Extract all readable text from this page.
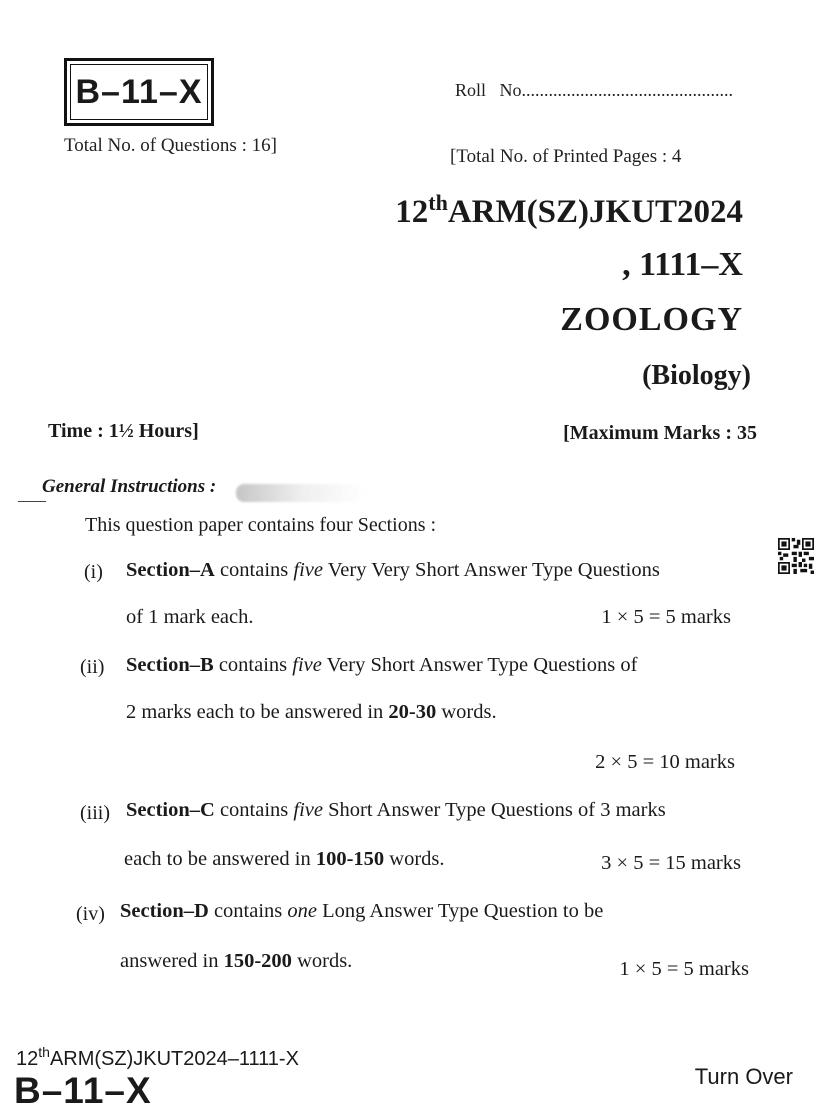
B–11–X	Roll No...............................................
Total No. of Questions : 16]
[Total No. of Printed Pages : 4
12thARM(SZ)JKUT2024
, 1111–X
ZOOLOGY
(Biology)
Time : 1½ Hours]	[Maximum Marks : 35
General Instructions :
This question paper contains four Sections :
(i) Section–A contains five Very Very Short Answer Type Questions
of 1 mark each.	1 × 5 = 5 marks
(ii) Section–B contains five Very Short Answer Type Questions of
2 marks each to be answered in 20-30 words.
2 × 5 = 10 marks
(iii) Section–C contains five Short Answer Type Questions of 3 marks
each to be answered in 100-150 words.	3 × 5 = 15 marks
(iv) Section–D contains one Long Answer Type Question to be
answered in 150-200 words.	1 × 5 = 5 marks
12thARM(SZ)JKUT2024–1111-X
B–11–X	Turn Over
